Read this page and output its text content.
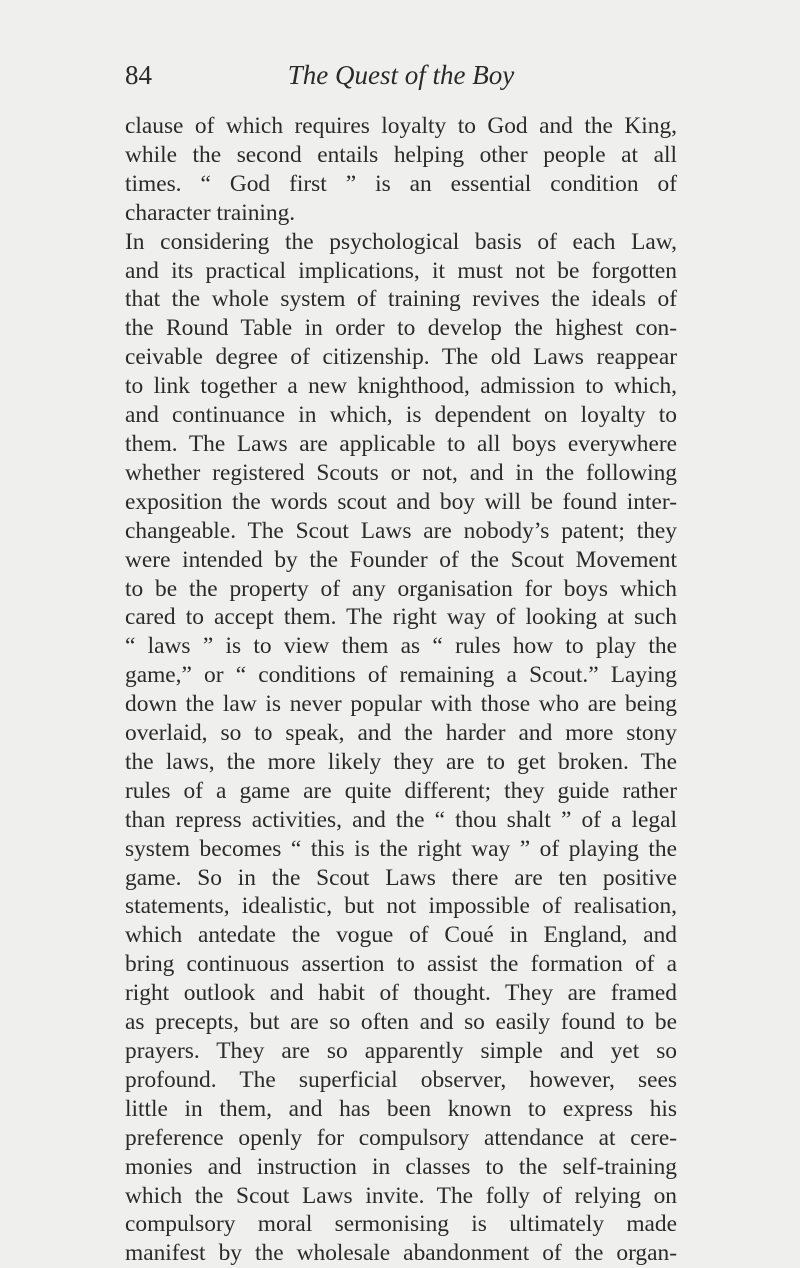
84	The Quest of the Boy
clause of which requires loyalty to God and the King,
while the second entails helping other people at all
times. “ God first ” is an essential condition of
character training.
In considering the psychological basis of each Law,
and its practical implications, it must not be forgotten
that the whole system of training revives the ideals of
the Round Table in order to develop the highest con-
ceivable degree of citizenship. The old Laws reappear
to link together a new knighthood, admission to which,
and continuance in which, is dependent on loyalty to
them. The Laws are applicable to all boys everywhere
whether registered Scouts or not, and in the following
exposition the words scout and boy will be found inter-
changeable. The Scout Laws are nobody’s patent; they
were intended by the Founder of the Scout Movement
to be the property of any organisation for boys which
cared to accept them. The right way of looking at such
“ laws ” is to view them as “ rules how to play the
game,” or “ conditions of remaining a Scout.” Laying
down the law is never popular with those who are being
overlaid, so to speak, and the harder and more stony
the laws, the more likely they are to get broken. The
rules of a game are quite different; they guide rather
than repress activities, and the “ thou shalt ” of a legal
system becomes “ this is the right way ” of playing the
game. So in the Scout Laws there are ten positive
statements, idealistic, but not impossible of realisation,
which antedate the vogue of Coué in England, and
bring continuous assertion to assist the formation of a
right outlook and habit of thought. They are framed
as precepts, but are so often and so easily found to be
prayers. They are so apparently simple and yet so
profound. The superficial observer, however, sees
little in them, and has been known to express his
preference openly for compulsory attendance at cere-
monies and instruction in classes to the self-training
which the Scout Laws invite. The folly of relying on
compulsory moral sermonising is ultimately made
manifest by the wholesale abandonment of the organ-
